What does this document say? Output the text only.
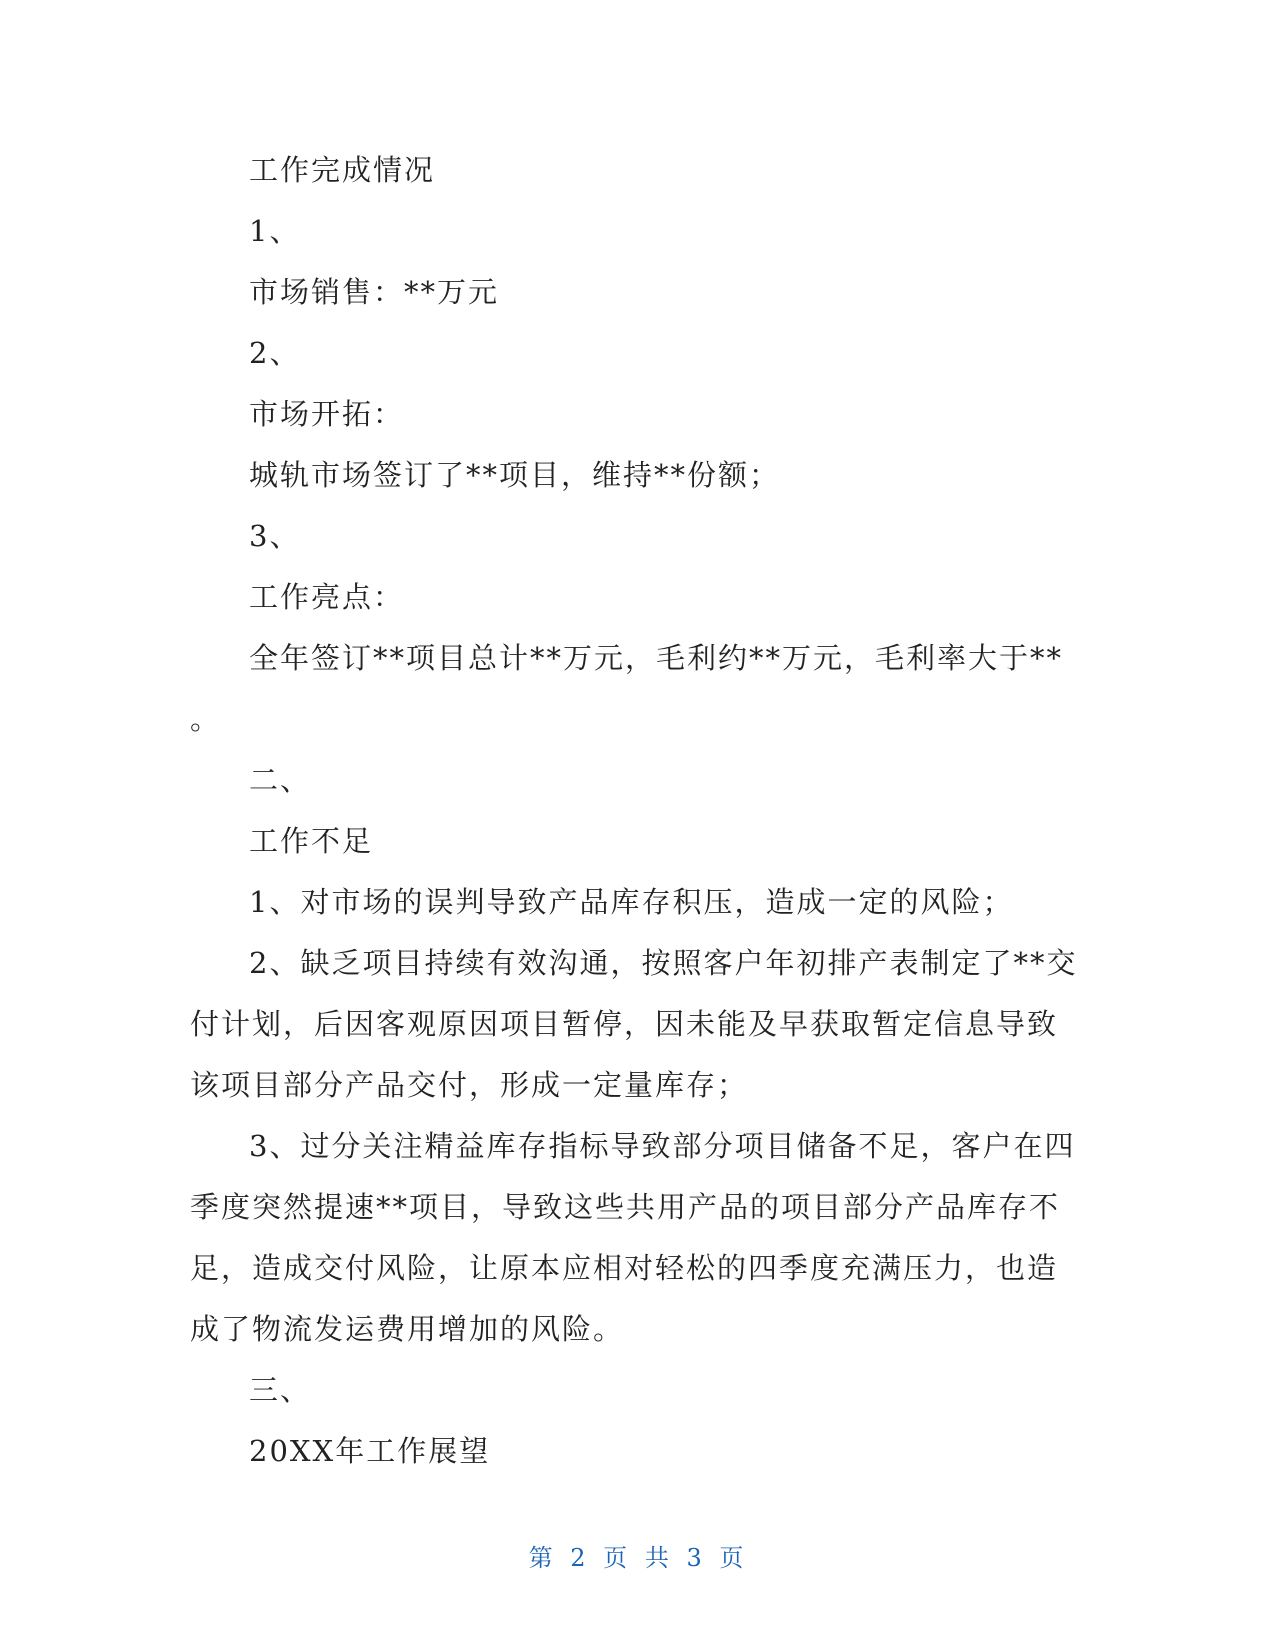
工作完成情况

1、

市场销售：**万元

2、

市场开拓：

城轨市场签订了**项目，维持**份额；

3、

工作亮点：

全年签订**项目总计**万元，毛利约**万元，毛利率大于**

。

二、

工作不足

1、对市场的误判导致产品库存积压，造成一定的风险；

2、缺乏项目持续有效沟通，按照客户年初排产表制定了**交

付计划，后因客观原因项目暂停，因未能及早获取暂定信息导致

该项目部分产品交付，形成一定量库存；

3、过分关注精益库存指标导致部分项目储备不足，客户在四

季度突然提速**项目，导致这些共用产品的项目部分产品库存不

足，造成交付风险，让原本应相对轻松的四季度充满压力，也造

成了物流发运费用增加的风险。

三、

20XX年工作展望

第 2 页 共 3 页
